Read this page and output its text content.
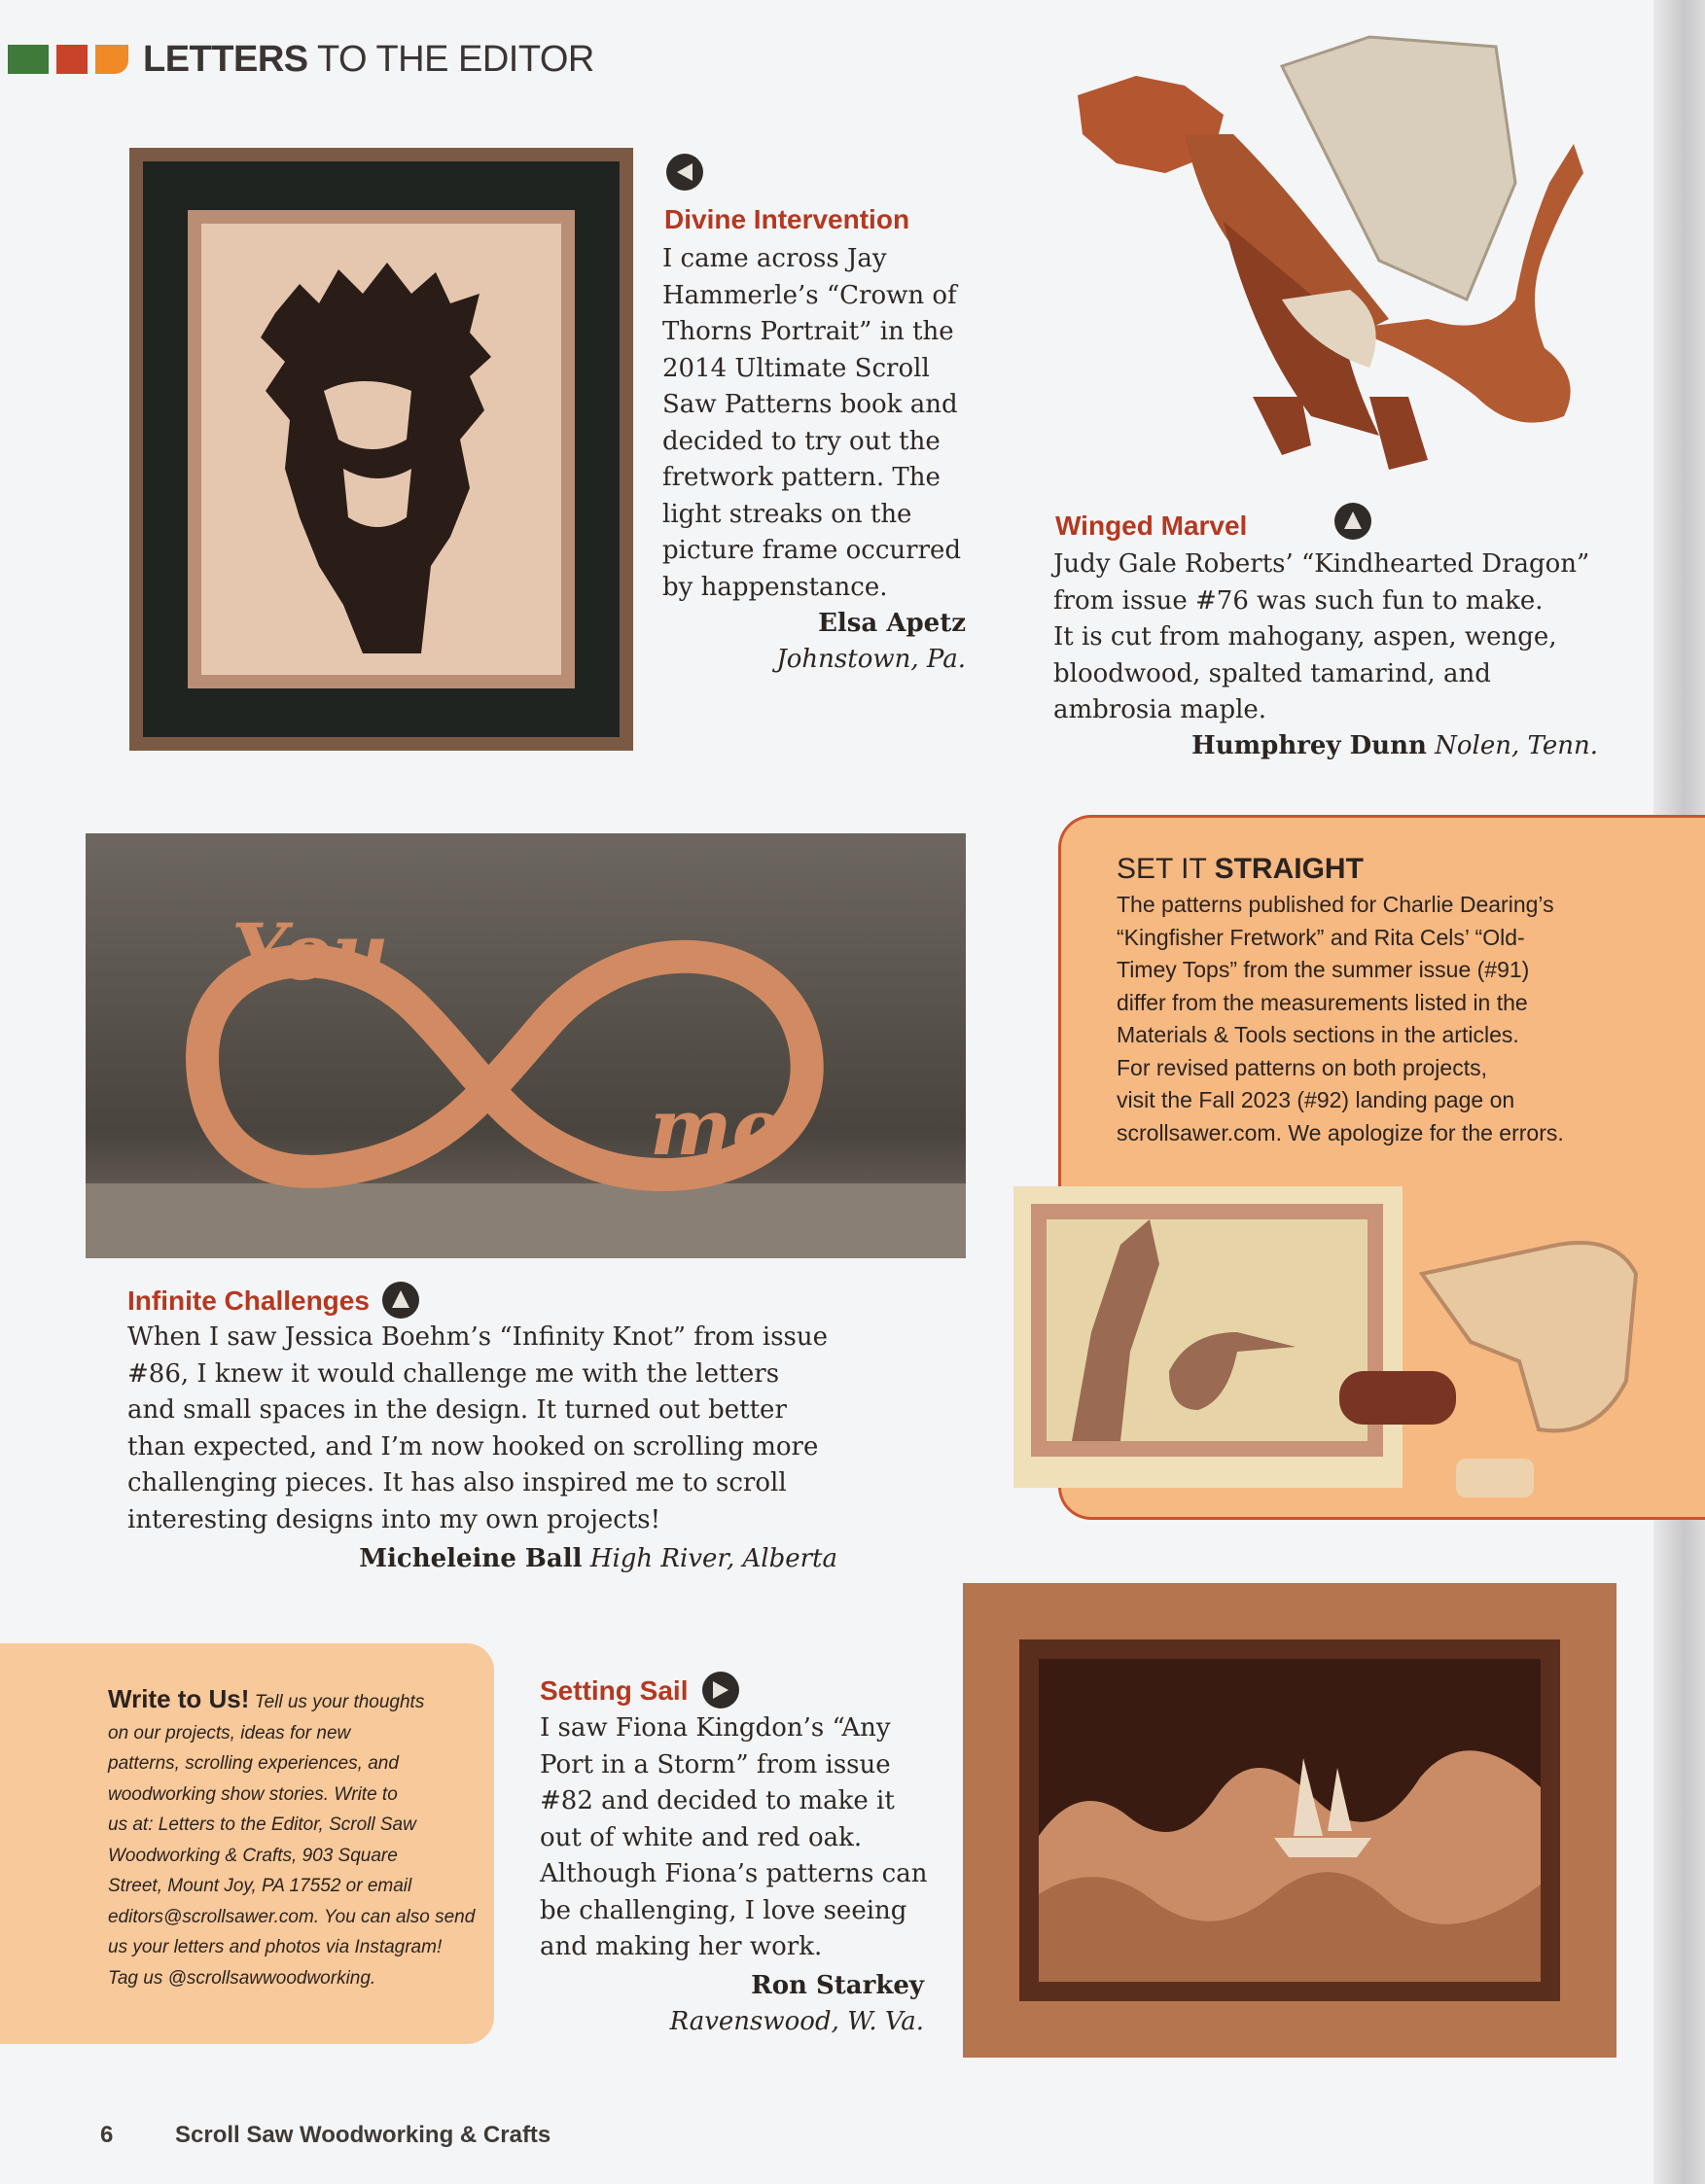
LETTERS TO THE EDITOR
Divine Intervention
I came across Jay
Hammerle’s “Crown of
Thorns Portrait” in the
2014 Ultimate Scroll
Saw Patterns book and
decided to try out the
fretwork pattern. The
light streaks on the
picture frame occurred
by happenstance.
Elsa Apetz
Johnstown, Pa.
Winged Marvel
Judy Gale Roberts’ “Kindhearted Dragon”
from issue #76 was such fun to make.
It is cut from mahogany, aspen, wenge,
bloodwood, spalted tamarind, and
ambrosia maple.
Humphrey Dunn Nolen, Tenn.
You
me
Infinite Challenges
When I saw Jessica Boehm’s “Infinity Knot” from issue
#86, I knew it would challenge me with the letters
and small spaces in the design. It turned out better
than expected, and I’m now hooked on scrolling more
challenging pieces. It has also inspired me to scroll
interesting designs into my own projects!
Micheleine Ball High River, Alberta
SET IT STRAIGHT
The patterns published for Charlie Dearing’s
“Kingfisher Fretwork” and Rita Cels’ “Old-
Timey Tops” from the summer issue (#91)
differ from the measurements listed in the
Materials & Tools sections in the articles.
For revised patterns on both projects,
visit the Fall 2023 (#92) landing page on
scrollsawer.com. We apologize for the errors.
Write to Us! Tell us your thoughts
on our projects, ideas for new
patterns, scrolling experiences, and
woodworking show stories. Write to
us at: Letters to the Editor, Scroll Saw
Woodworking & Crafts, 903 Square
Street, Mount Joy, PA 17552 or email
editors@scrollsawer.com. You can also send
us your letters and photos via Instagram!
Tag us @scrollsawwoodworking.
Setting Sail
I saw Fiona Kingdon’s “Any
Port in a Storm” from issue
#82 and decided to make it
out of white and red oak.
Although Fiona’s patterns can
be challenging, I love seeing
and making her work.
Ron Starkey
Ravenswood, W. Va.
6	Scroll Saw Woodworking & Crafts
